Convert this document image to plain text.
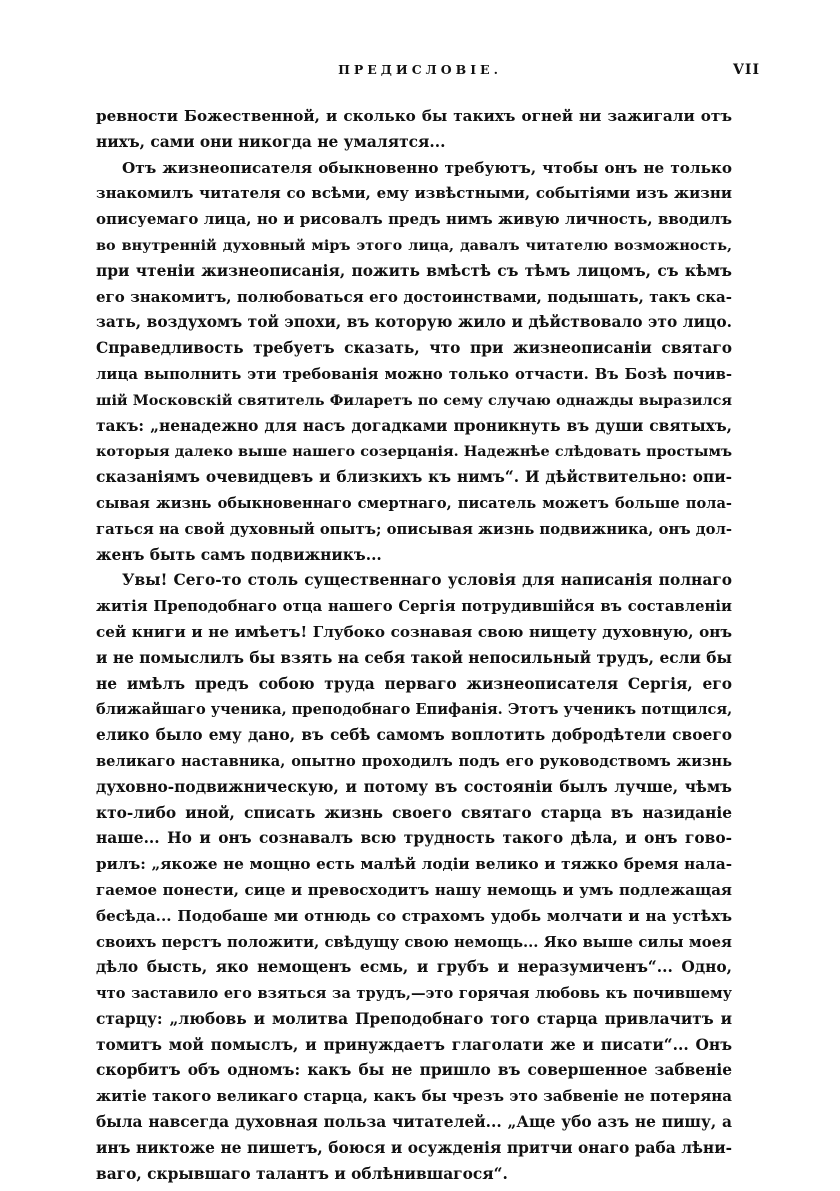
ПРЕДИСЛОВІЕ.	VII
ревности Божественной, и сколько бы такихъ огней ни зажигали отъ
нихъ, сами они никогда не умалятся...
Отъ жизнеописателя обыкновенно требуютъ, чтобы онъ не только
знакомилъ читателя со всѣми, ему извѣстными, событіями изъ жизни
описуемаго лица, но и рисовалъ предъ нимъ живую личность, вводилъ
во внутренній духовный міръ этого лица, давалъ читателю возможность,
при чтеніи жизнеописанія, пожить вмѣстѣ съ тѣмъ лицомъ, съ кѣмъ
его знакомитъ, полюбоваться его достоинствами, подышать, такъ ска-
зать, воздухомъ той эпохи, въ которую жило и дѣйствовало это лицо.
Справедливость требуетъ сказать, что при жизнеописаніи святаго
лица выполнить эти требованія можно только отчасти. Въ Бозѣ почив-
шій Московскій святитель Филаретъ по сему случаю однажды выразился
такъ: „ненадежно для насъ догадками проникнуть въ души святыхъ,
которыя далеко выше нашего созерцанія. Надежнѣе слѣдовать простымъ
сказаніямъ очевидцевъ и близкихъ къ нимъ“. И дѣйствительно: опи-
сывая жизнь обыкновеннаго смертнаго, писатель можетъ больше пола-
гаться на свой духовный опытъ; описывая жизнь подвижника, онъ дол-
женъ быть самъ подвижникъ...
Увы! Сего-то столь существеннаго условія для написанія полнаго
житія Преподобнаго отца нашего Сергія потрудившійся въ составленіи
сей книги и не имѣетъ! Глубоко сознавая свою нищету духовную, онъ
и не помыслилъ бы взять на себя такой непосильный трудъ, если бы
не имѣлъ предъ собою труда перваго жизнеописателя Сергія, его
ближайшаго ученика, преподобнаго Епифанія. Этотъ ученикъ потщился,
елико было ему дано, въ себѣ самомъ воплотить добродѣтели своего
великаго наставника, опытно проходилъ подъ его руководствомъ жизнь
духовно-подвижническую, и потому въ состояніи былъ лучше, чѣмъ
кто-либо иной, списать жизнь своего святаго старца въ назиданіе
наше... Но и онъ сознавалъ всю трудность такого дѣла, и онъ гово-
рилъ: „якоже не мощно есть малѣй лодіи велико и тяжко бремя нала-
гаемое понести, сице и превосходитъ нашу немощь и умъ подлежащая
бесѣда... Подобаше ми отнюдь со страхомъ удобь молчати и на устѣхъ
своихъ перстъ положити, свѣдущу свою немощь... Яко выше силы моея
дѣло бысть, яко немощенъ есмь, и грубъ и неразумиченъ“... Одно,
что заставило его взяться за трудъ,—это горячая любовь къ почившему
старцу: „любовь и молитва Преподобнаго того старца привлачитъ и
томитъ мой помыслъ, и принуждаетъ глаголати же и писати“... Онъ
скорбитъ объ одномъ: какъ бы не пришло въ совершенное забвеніе
житіе такого великаго старца, какъ бы чрезъ это забвеніе не потеряна
была навсегда духовная польза читателей... „Аще убо азъ не пишу, а
инъ никтоже не пишетъ, боюся и осужденія притчи онаго раба лѣни-
ваго, скрывшаго талантъ и облѣнившагося“.
